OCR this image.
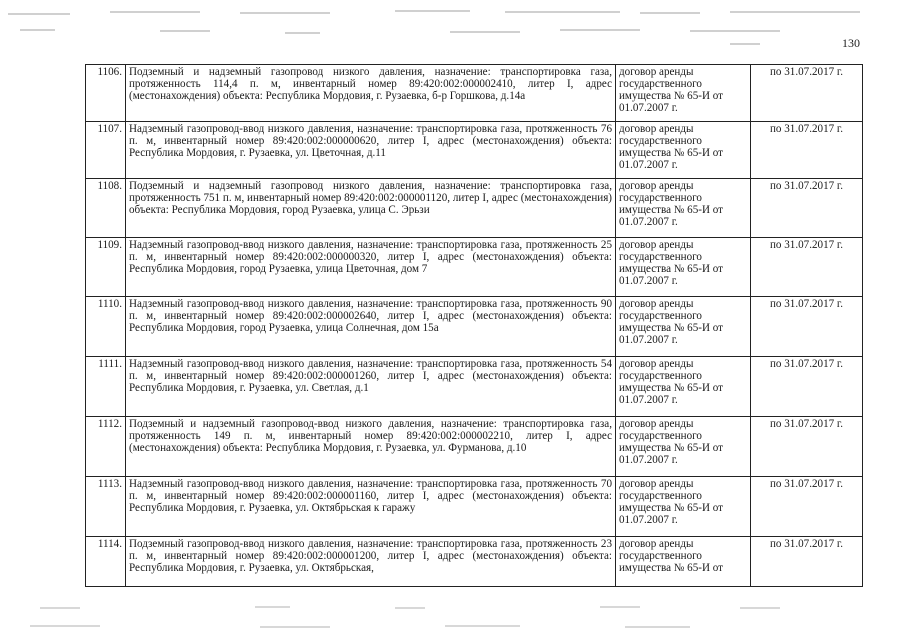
130
1106.	Подземный и надземный газопровод низкого давления, назначение: транспортировка газа, протяженность 114,4 п. м, инвентарный номер 89:420:002:000002410, литер I, адрес (местонахождения) объекта: Республика Мордовия, г. Рузаевка, б-р Горшкова, д.14а	договор аренды государственного имущества № 65-И от 01.07.2007 г.	по 31.07.2017 г.
1107.	Надземный газопровод-ввод низкого давления, назначение: транспортировка газа, протяженность 76 п. м, инвентарный номер 89:420:002:000000620, литер I, адрес (местонахождения) объекта: Республика Мордовия, г. Рузаевка, ул. Цветочная, д.11	договор аренды государственного имущества № 65-И от 01.07.2007 г.	по 31.07.2017 г.
1108.	Подземный и надземный газопровод низкого давления, назначение: транспортировка газа, протяженность 751 п. м, инвентарный номер 89:420:002:000001120, литер I, адрес (местонахождения) объекта: Республика Мордовия, город Рузаевка, улица С. Эрьзи	договор аренды государственного имущества № 65-И от 01.07.2007 г.	по 31.07.2017 г.
1109.	Надземный газопровод-ввод низкого давления, назначение: транспортировка газа, протяженность 25 п. м, инвентарный номер 89:420:002:000000320, литер I, адрес (местонахождения) объекта: Республика Мордовия, город Рузаевка, улица Цветочная, дом 7	договор аренды государственного имущества № 65-И от 01.07.2007 г.	по 31.07.2017 г.
1110.	Надземный газопровод-ввод низкого давления, назначение: транспортировка газа, протяженность 90 п. м, инвентарный номер 89:420:002:000002640, литер I, адрес (местонахождения) объекта: Республика Мордовия, город Рузаевка, улица Солнечная, дом 15а	договор аренды государственного имущества № 65-И от 01.07.2007 г.	по 31.07.2017 г.
1111.	Надземный газопровод-ввод низкого давления, назначение: транспортировка газа, протяженность 54 п. м, инвентарный номер 89:420:002:000001260, литер I, адрес (местонахождения) объекта: Республика Мордовия, г. Рузаевка, ул. Светлая, д.1	договор аренды государственного имущества № 65-И от 01.07.2007 г.	по 31.07.2017 г.
1112.	Подземный и надземный газопровод-ввод низкого давления, назначение: транспортировка газа, протяженность 149 п. м, инвентарный номер 89:420:002:000002210, литер I, адрес (местонахождения) объекта: Республика Мордовия, г. Рузаевка, ул. Фурманова, д.10	договор аренды государственного имущества № 65-И от 01.07.2007 г.	по 31.07.2017 г.
1113.	Надземный газопровод-ввод низкого давления, назначение: транспортировка газа, протяженность 70 п. м, инвентарный номер 89:420:002:000001160, литер I, адрес (местонахождения) объекта: Республика Мордовия, г. Рузаевка, ул. Октябрьская к гаражу	договор аренды государственного имущества № 65-И от 01.07.2007 г.	по 31.07.2017 г.
1114.	Подземный газопровод-ввод низкого давления, назначение: транспортировка газа, протяженность 23 п. м, инвентарный номер 89:420:002:000001200, литер I, адрес (местонахождения) объекта: Республика Мордовия, г. Рузаевка, ул. Октябрьская,	договор аренды государственного имущества № 65-И от	по 31.07.2017 г.
